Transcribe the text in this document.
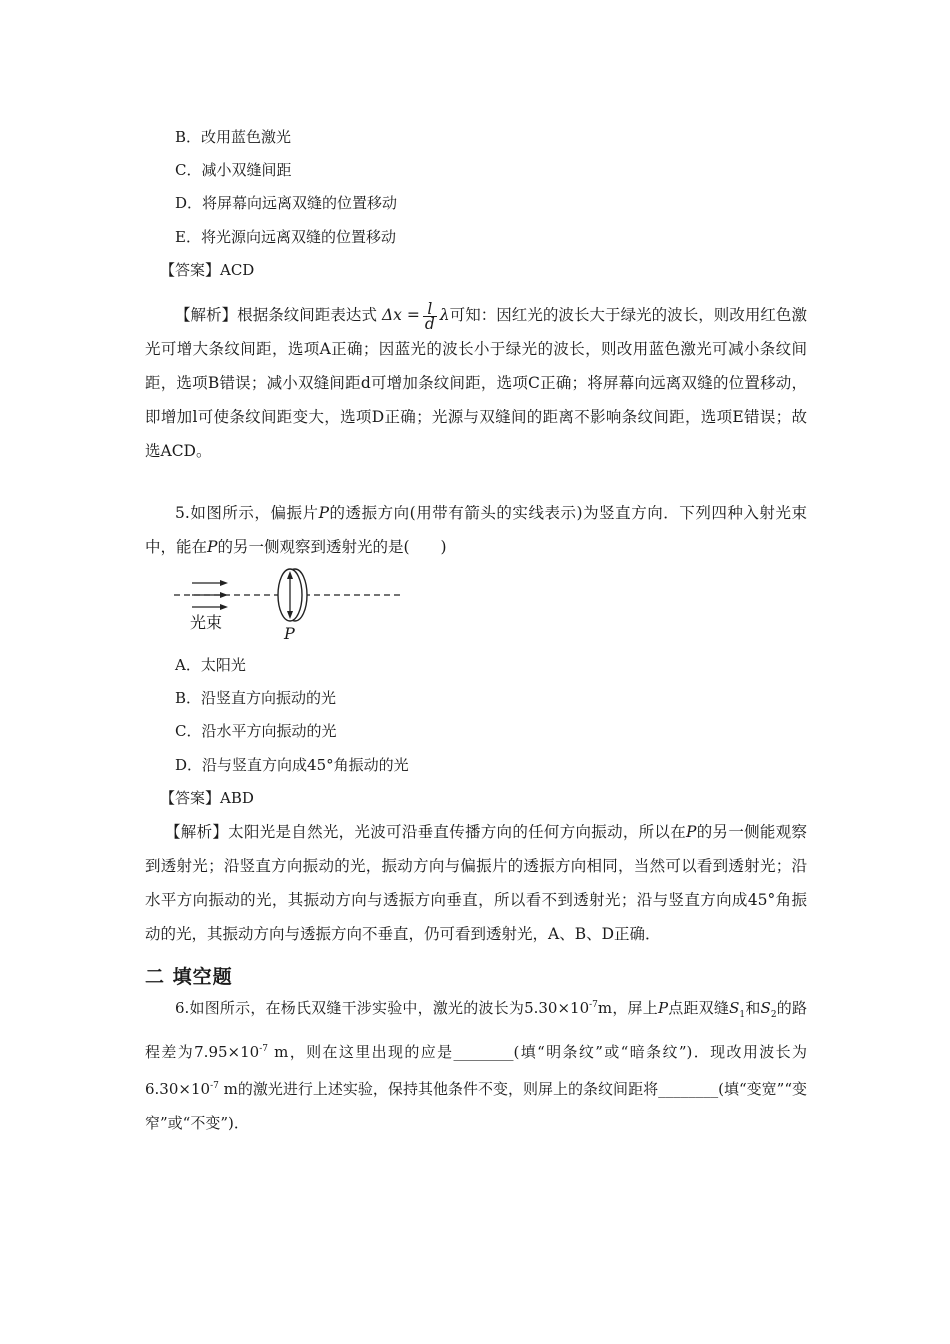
B．改用蓝色激光
C．减小双缝间距
D．将屏幕向远离双缝的位置移动
E．将光源向远离双缝的位置移动
【答案】ACD
【解析】根据条纹间距表达式 $\Delta x = \frac{l}{d}$ λ可知：因红光的波长大于绿光的波长，则改用红色激光可增大条纹间距，选项A正确；因蓝光的波长小于绿光的波长，则改用蓝色激光可减小条纹间距，选项B错误；减小双缝间距d可增加条纹间距，选项C正确；将屏幕向远离双缝的位置移动，即增加l可使条纹间距变大，选项D正确；光源与双缝间的距离不影响条纹间距，选项E错误；故选ACD。
5.如图所示，偏振片P的透振方向(用带有箭头的实线表示)为竖直方向．下列四种入射光束中，能在P的另一侧观察到透射光的是(　　)
光束
P
A．太阳光
B．沿竖直方向振动的光
C．沿水平方向振动的光
D．沿与竖直方向成45°角振动的光
【答案】ABD
【解析】太阳光是自然光，光波可沿垂直传播方向的任何方向振动，所以在P的另一侧能观察到透射光；沿竖直方向振动的光，振动方向与偏振片的透振方向相同，当然可以看到透射光；沿水平方向振动的光，其振动方向与透振方向垂直，所以看不到透射光；沿与竖直方向成45°角振动的光，其振动方向与透振方向不垂直，仍可看到透射光，A、B、D正确．
二 填空题
6.如图所示，在杨氏双缝干涉实验中，激光的波长为$5.30\times 10^{-7}m$，屏上P点距双缝$S_1$和$S_2$的路程差为$7.95\times 10^{-7}$ m，则在这里出现的应是________(填“明条纹”或“暗条纹”)．现改用波长为$6.30\times 10^{-7}$ m的激光进行上述实验，保持其他条件不变，则屏上的条纹间距将________(填“变宽”“变窄”或“不变”)．
